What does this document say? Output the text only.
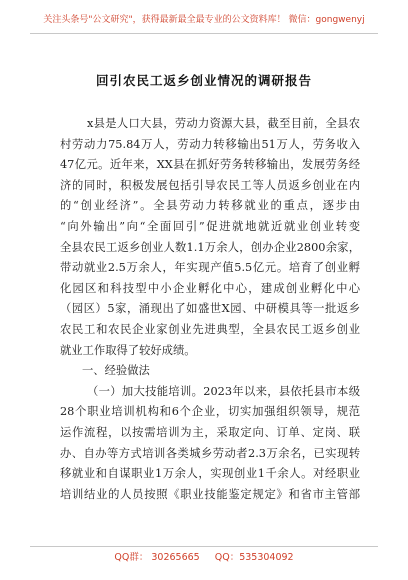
关注头条号"公文研究"，获得最新最全最专业的公文资料库！ 微信：gongwenyj
回引农民工返乡创业情况的调研报告
x县是人口大县，劳动力资源大县，截至目前，全县农
村劳动力75.84万人，劳动力转移输出51万人，劳务收入
47亿元。近年来，XX县在抓好劳务转移输出，发展劳务经
济的同时，积极发展包括引导农民工等人员返乡创业在内
的“创业经济”。全县劳动力转移就业的重点，逐步由
“向外输出”向“全面回引”促进就地就近就业创业转变
全县农民工返乡创业人数1.1万余人，创办企业2800余家，
带动就业2.5万余人，年实现产值5.5亿元。培育了创业孵
化园区和科技型中小企业孵化中心，建成创业孵化中心
（园区）5家，涌现出了如盛世X园、中研模具等一批返乡
农民工和农民企业家创业先进典型，全县农民工返乡创业
就业工作取得了较好成绩。
一、经验做法
（一）加大技能培训。2023年以来，县依托县市本级
28个职业培训机构和6个企业，切实加强组织领导，规范
运作流程，以按需培训为主，采取定向、订单、定岗、联
办、自办等方式培训各类城乡劳动者2.3万余名，已实现转
移就业和自谋职业1万余人，实现创业1千余人。对经职业
培训结业的人员按照《职业技能鉴定规定》和省市主管部
QQ群： 30265665 QQ：535304092
